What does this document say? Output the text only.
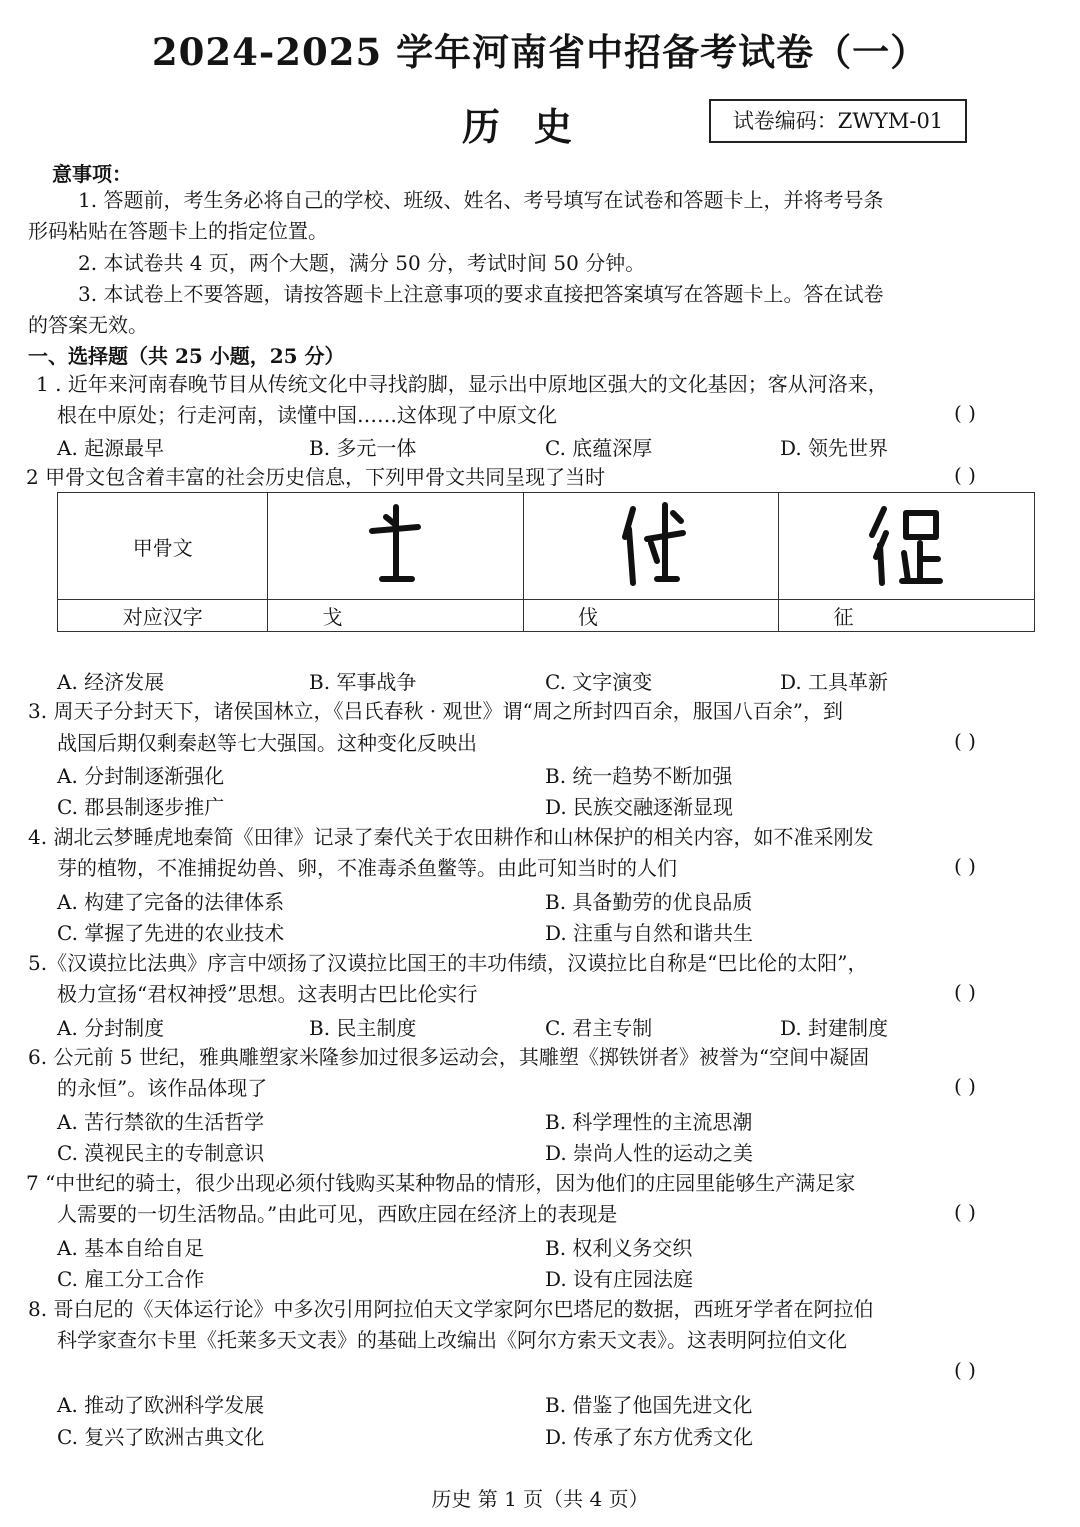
2024-2025 学年河南省中招备考试卷（一）
历史	试卷编码：ZWYM-01
意事项：
1. 答题前，考生务必将自己的学校、班级、姓名、考号填写在试卷和答题卡上，并将考号条
形码粘贴在答题卡上的指定位置。
2. 本试卷共 4 页，两个大题，满分 50 分，考试时间 50 分钟。
3. 本试卷上不要答题，请按答题卡上注意事项的要求直接把答案填写在答题卡上。答在试卷
的答案无效。
一、选择题（共 25 小题，25 分）
1 . 近年来河南春晚节目从传统文化中寻找韵脚，显示出中原地区强大的文化基因；客从河洛来，
根在中原处；行走河南，读懂中国……这体现了中原文化	( )
A. 起源最早	B. 多元一体	C. 底蕴深厚	D. 领先世界
2 甲骨文包含着丰富的社会历史信息，下列甲骨文共同呈现了当时	( )
甲骨文			
对应汉字	戈	伐	征
A. 经济发展	B. 军事战争	C. 文字演变	D. 工具革新
3. 周天子分封天下，诸侯国林立，《吕氏春秋 · 观世》谓“周之所封四百余，服国八百余”，到
战国后期仅剩秦赵等七大强国。这种变化反映出	( )
A. 分封制逐渐强化	B. 统一趋势不断加强
C. 郡县制逐步推广	D. 民族交融逐渐显现
4. 湖北云梦睡虎地秦简《田律》记录了秦代关于农田耕作和山林保护的相关内容，如不准采刚发
芽的植物，不准捕捉幼兽、卵，不准毒杀鱼鳖等。由此可知当时的人们	( )
A. 构建了完备的法律体系	B. 具备勤劳的优良品质
C. 掌握了先进的农业技术	D. 注重与自然和谐共生
5.《汉谟拉比法典》序言中颂扬了汉谟拉比国王的丰功伟绩，汉谟拉比自称是“巴比伦的太阳”，
极力宣扬“君权神授”思想。这表明古巴比伦实行	( )
A. 分封制度	B. 民主制度	C. 君主专制	D. 封建制度
6. 公元前 5 世纪，雅典雕塑家米隆参加过很多运动会，其雕塑《掷铁饼者》被誉为“空间中凝固
的永恒”。该作品体现了	( )
A. 苦行禁欲的生活哲学	B. 科学理性的主流思潮
C. 漠视民主的专制意识	D. 崇尚人性的运动之美
7 “中世纪的骑士，很少出现必须付钱购买某种物品的情形，因为他们的庄园里能够生产满足家
人需要的一切生活物品。”由此可见，西欧庄园在经济上的表现是	( )
A. 基本自给自足	B. 权利义务交织
C. 雇工分工合作	D. 设有庄园法庭
8. 哥白尼的《天体运行论》中多次引用阿拉伯天文学家阿尔巴塔尼的数据，西班牙学者在阿拉伯
科学家查尔卡里《托莱多天文表》的基础上改编出《阿尔方索天文表》。这表明阿拉伯文化
( )
A. 推动了欧洲科学发展	B. 借鉴了他国先进文化
C. 复兴了欧洲古典文化	D. 传承了东方优秀文化
历史 第 1 页（共 4 页）
